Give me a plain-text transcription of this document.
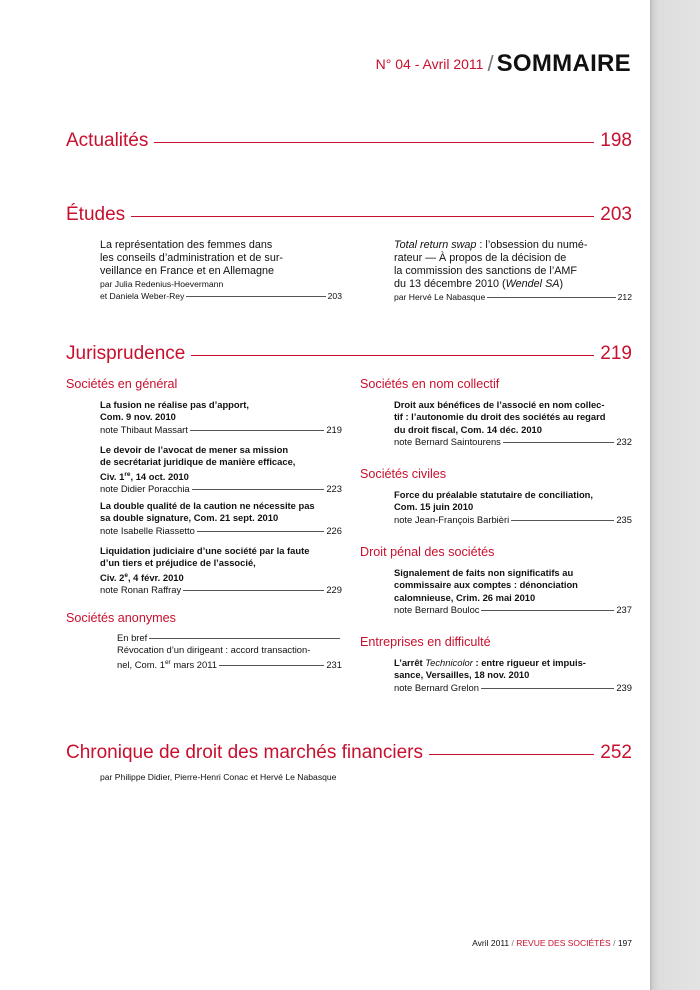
N° 04 - Avril 2011 / SOMMAIRE
Actualités	198
Études	203
La représentation des femmes dans
les conseils d’administration et de sur-
veillance en France et en Allemagne
par Julia Redenius-Hoevermann
et Daniela Weber-Rey	203
Total return swap : l’obsession du numé-
rateur — À propos de la décision de
la commission des sanctions de l’AMF
du 13 décembre 2010 (Wendel SA)
par Hervé Le Nabasque	212
Jurisprudence	219
Sociétés en général
La fusion ne réalise pas d’apport,
Com. 9 nov. 2010
note Thibaut Massart	219
Le devoir de l’avocat de mener sa mission
de secrétariat juridique de manière efficace,
Civ. 1re, 14 oct. 2010
note Didier Poracchia	223
La double qualité de la caution ne nécessite pas
sa double signature, Com. 21 sept. 2010
note Isabelle Riassetto	226
Liquidation judiciaire d’une société par la faute
d’un tiers et préjudice de l’associé,
Civ. 2e, 4 févr. 2010
note Ronan Raffray	229
Sociétés anonymes
En bref
Révocation d’un dirigeant : accord transaction-
nel, Com. 1er mars 2011	231
Sociétés en nom collectif
Droit aux bénéfices de l’associé en nom collec-
tif : l’autonomie du droit des sociétés au regard
du droit fiscal, Com. 14 déc. 2010
note Bernard Saintourens	232
Sociétés civiles
Force du préalable statutaire de conciliation,
Com. 15 juin 2010
note Jean-François Barbièri	235
Droit pénal des sociétés
Signalement de faits non significatifs au
commissaire aux comptes : dénonciation
calomnieuse, Crim. 26 mai 2010
note Bernard Bouloc	237
Entreprises en difficulté
L’arrêt Technicolor : entre rigueur et impuis-
sance, Versailles, 18 nov. 2010
note Bernard Grelon	239
Chronique de droit des marchés financiers	252
par Philippe Didier, Pierre-Henri Conac et Hervé Le Nabasque
Avril 2011 / REVUE DES SOCIÉTÉS / 197
